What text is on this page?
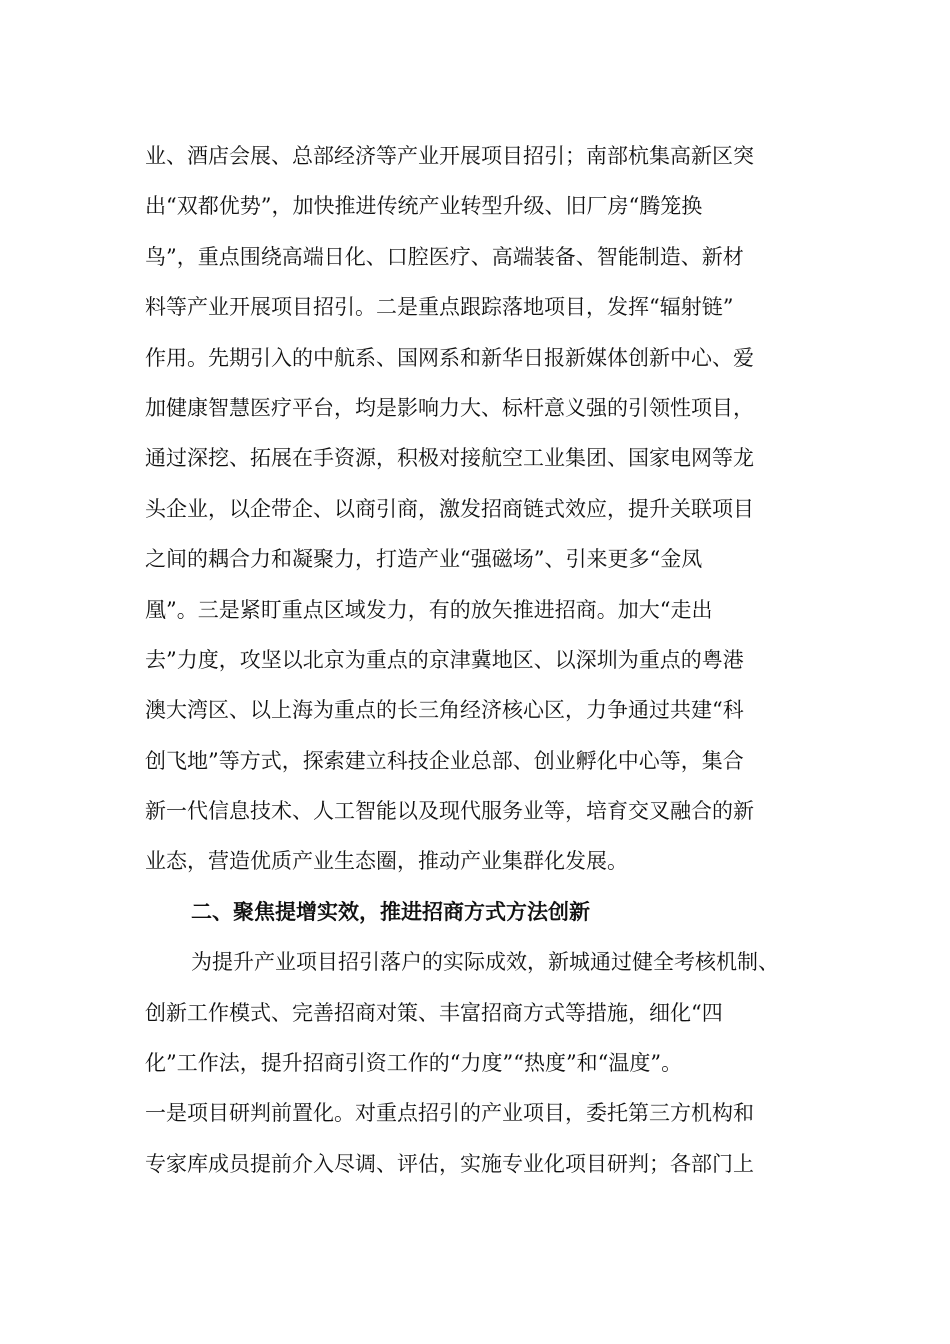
业、酒店会展、总部经济等产业开展项目招引；南部杭集高新区突
出“双都优势”，加快推进传统产业转型升级、旧厂房“腾笼换
鸟”，重点围绕高端日化、口腔医疗、高端装备、智能制造、新材
料等产业开展项目招引。二是重点跟踪落地项目，发挥“辐射链”
作用。先期引入的中航系、国网系和新华日报新媒体创新中心、爱
加健康智慧医疗平台，均是影响力大、标杆意义强的引领性项目，
通过深挖、拓展在手资源，积极对接航空工业集团、国家电网等龙
头企业，以企带企、以商引商，激发招商链式效应，提升关联项目
之间的耦合力和凝聚力，打造产业“强磁场”、引来更多“金凤
凰”。三是紧盯重点区域发力，有的放矢推进招商。加大“走出
去”力度，攻坚以北京为重点的京津冀地区、以深圳为重点的粤港
澳大湾区、以上海为重点的长三角经济核心区，力争通过共建“科
创飞地”等方式，探索建立科技企业总部、创业孵化中心等，集合
新一代信息技术、人工智能以及现代服务业等，培育交叉融合的新
业态，营造优质产业生态圈，推动产业集群化发展。
二、聚焦提增实效，推进招商方式方法创新
为提升产业项目招引落户的实际成效，新城通过健全考核机制、
创新工作模式、完善招商对策、丰富招商方式等措施，细化“四
化”工作法，提升招商引资工作的“力度”“热度”和“温度”。
一是项目研判前置化。对重点招引的产业项目，委托第三方机构和
专家库成员提前介入尽调、评估，实施专业化项目研判；各部门上
